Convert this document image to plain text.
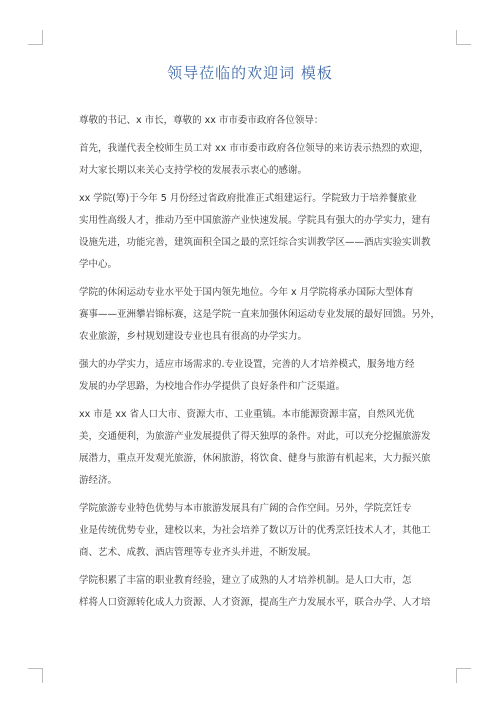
领导莅临的欢迎词 模板

尊敬的书记、x 市长，尊敬的 xx 市市委市政府各位领导：

首先，我谨代表全校师生员工对 xx 市市委市政府各位领导的来访表示热烈的欢迎，
对大家长期以来关心支持学校的发展表示衷心的感谢。

xx 学院(筹)于今年 5 月份经过省政府批准正式组建运行。学院致力于培养餐旅业
实用性高级人才，推动乃至中国旅游产业快速发展。学院具有强大的办学实力，建有
设施先进，功能完善，建筑面积全国之最的烹饪综合实训教学区——酒店实验实训教
学中心。

学院的休闲运动专业水平处于国内领先地位。今年 x 月学院将承办国际大型体育
赛事——亚洲攀岩锦标赛，这是学院一直来加强休闲运动专业发展的最好回馈。另外，
农业旅游，乡村规划建设专业也具有很高的办学实力。

强大的办学实力，适应市场需求的.专业设置，完善的人才培养模式，服务地方经
发展的办学思路，为校地合作办学提供了良好条件和广泛渠道。

xx 市是 xx 省人口大市、资源大市、工业重镇。本市能源资源丰富，自然风光优
美，交通便利，为旅游产业发展提供了得天独厚的条件。对此，可以充分挖掘旅游发
展潜力，重点开发观光旅游，休闲旅游，将饮食、健身与旅游有机起来，大力振兴旅
游经济。

学院旅游专业特色优势与本市旅游发展具有广阔的合作空间。另外，学院烹饪专
业是传统优势专业，建校以来，为社会培养了数以万计的优秀烹饪技术人才，其他工
商、艺术、成教、酒店管理等专业齐头并进，不断发展。

学院积累了丰富的职业教育经验，建立了成熟的人才培养机制。是人口大市，怎
样将人口资源转化成人力资源、人才资源，提高生产力发展水平，联合办学、人才培
